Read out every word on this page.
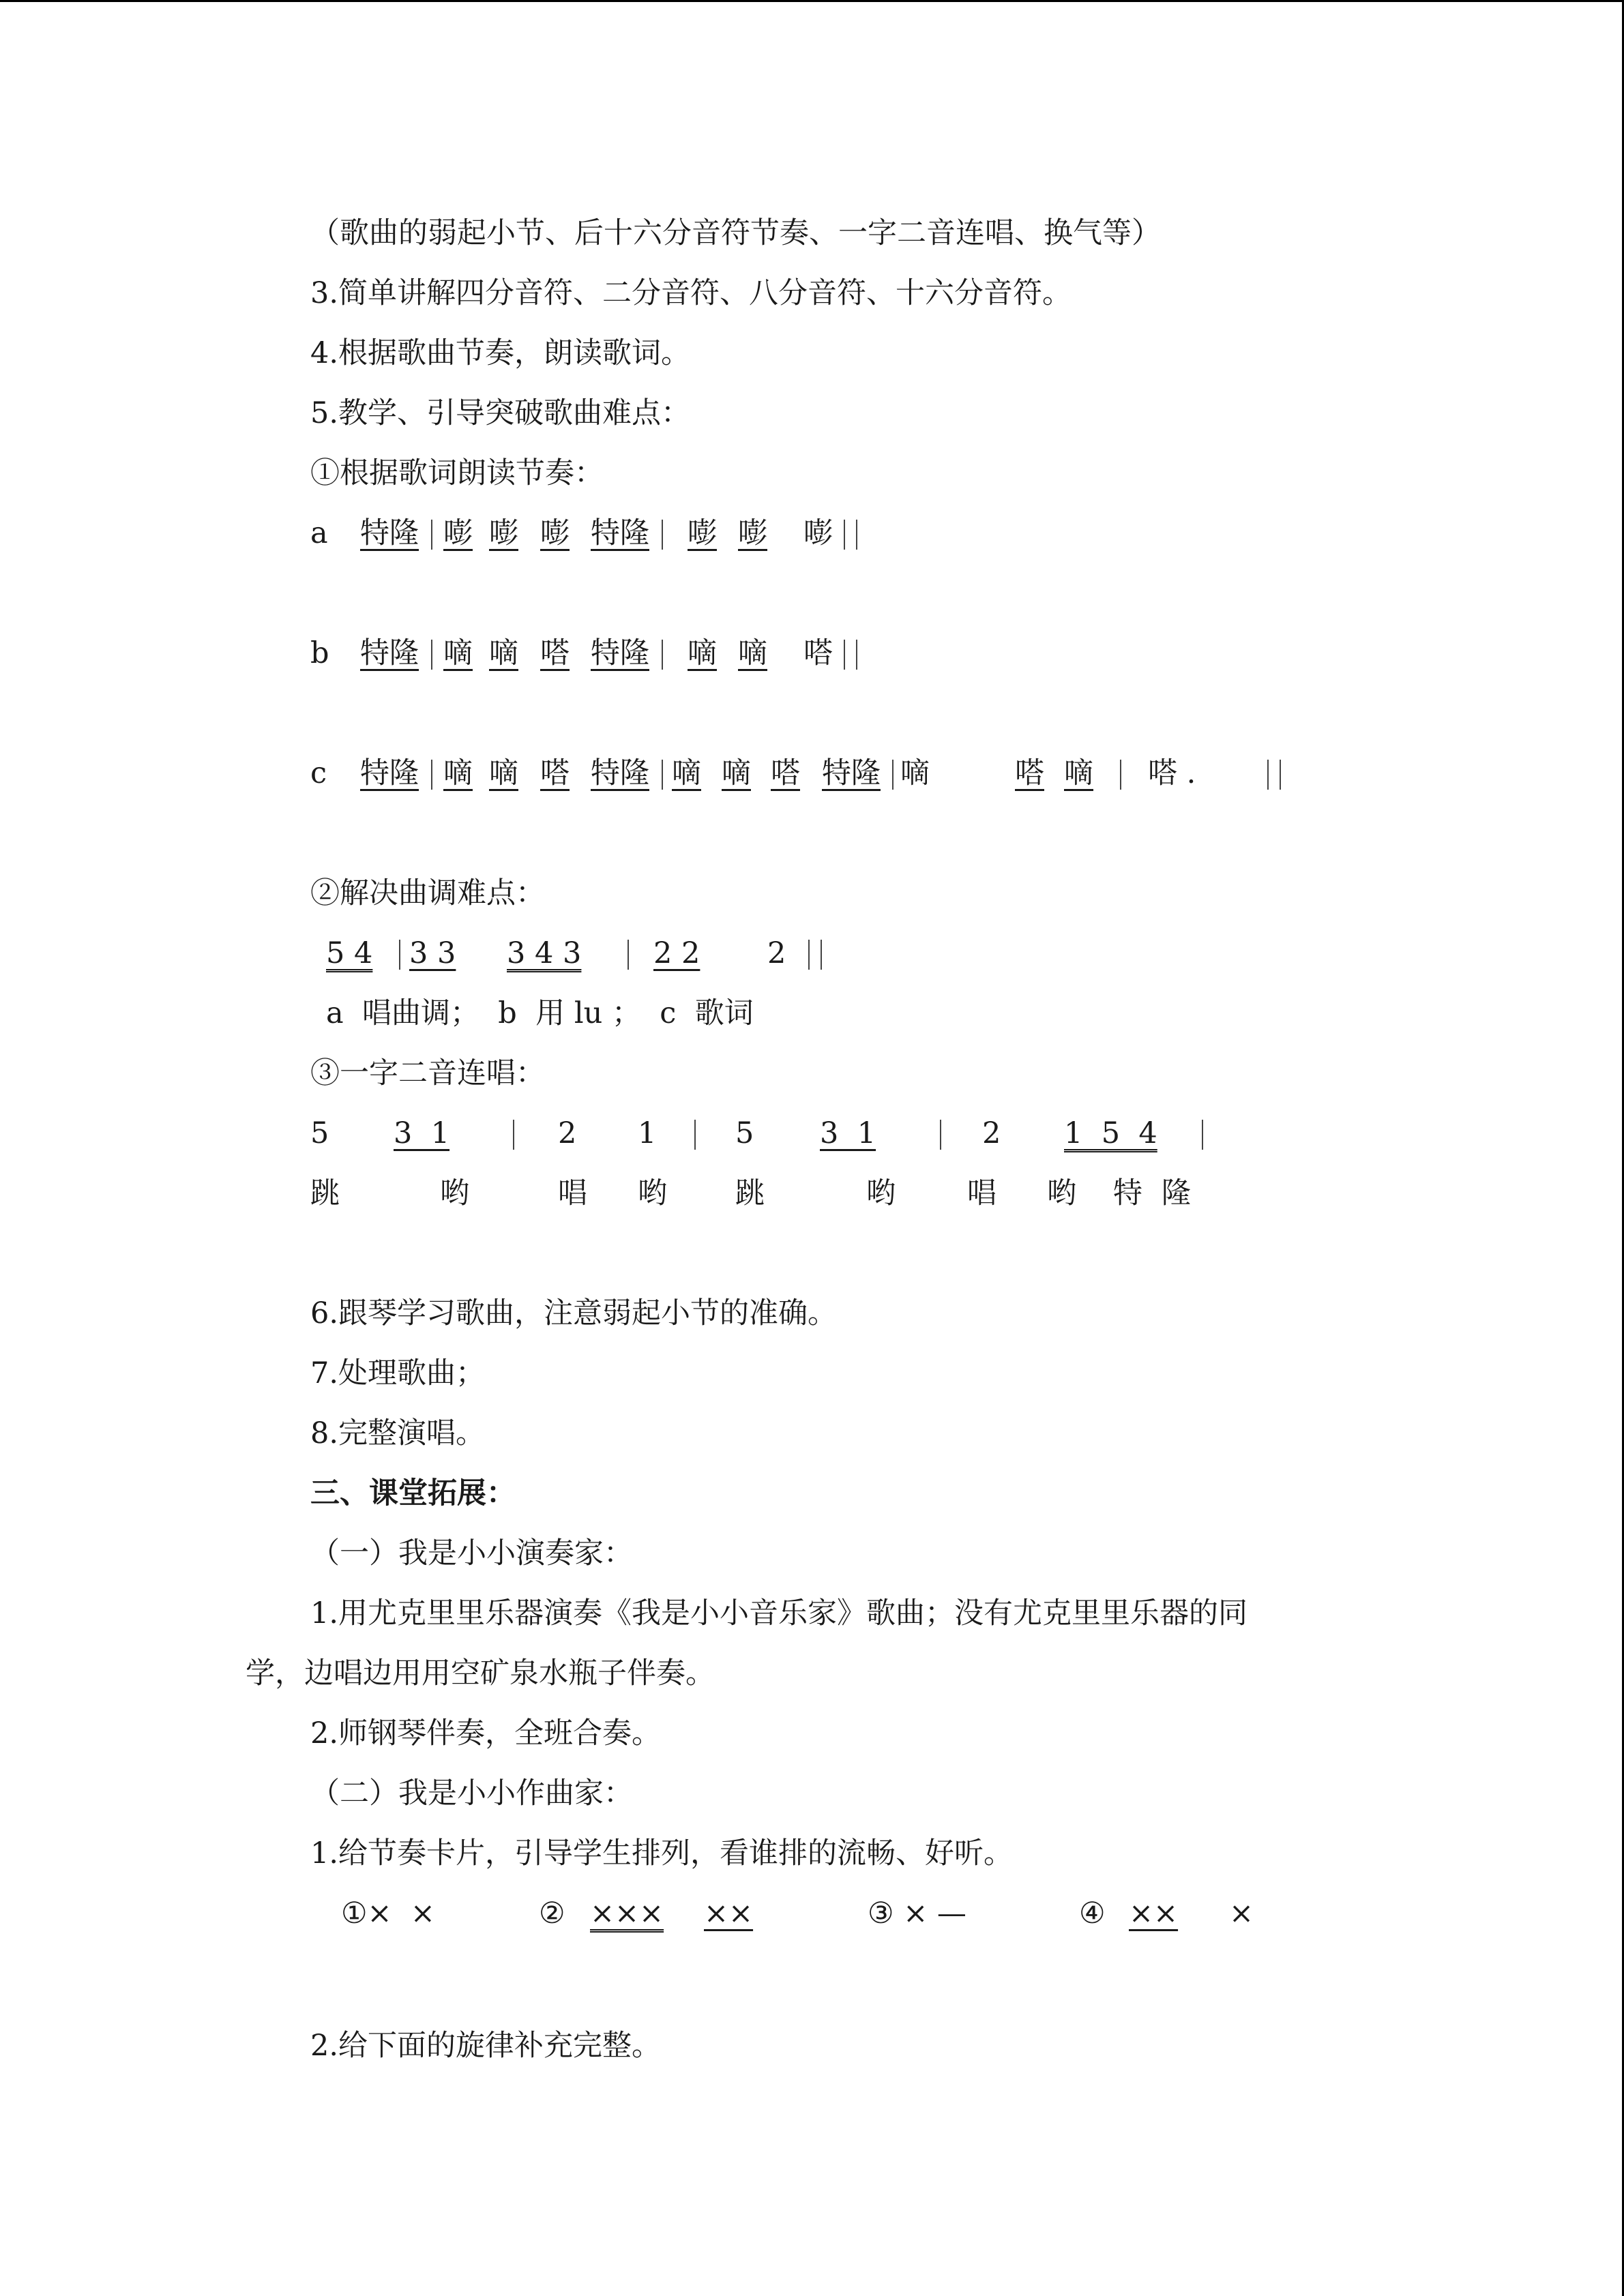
（歌曲的弱起小节、后十六分音符节奏、一字二音连唱、换气等）
3.简单讲解四分音符、二分音符、八分音符、十六分音符。
4.根据歌曲节奏，朗读歌词。
5.教学、引导突破歌曲难点：
①根据歌词朗读节奏：
a 特隆 嘭 嘭 嘭 特隆 嘭 嘭 嘭
b 特隆 嘀 嘀 嗒 特隆 嘀 嘀 嗒
c 特隆 嘀 嘀 嗒 特隆 嘀 嘀 嗒 特隆 嘀	嗒 嘀 嗒 .
②解决曲调难点：
5 4 3 3 3 4 3 2 2 2
a  唱曲调；  b  用 lu ；  c  歌词
③一字二音连唱：
5 3  1	2 1	5 3  1	2 1  5  4
跳	哟	唱 哟 跳	哟 唱 哟 特 隆
6.跟琴学习歌曲，注意弱起小节的准确。
7.处理歌曲；
8.完整演唱。
三、课堂拓展：
（一）我是小小演奏家：
1.用尤克里里乐器演奏《我是小小音乐家》歌曲；没有尤克里里乐器的同
学，边唱边用用空矿泉水瓶子伴奏。
2.师钢琴伴奏，全班合奏。
（二）我是小小作曲家：
1.给节奏卡片，引导学生排列，看谁排的流畅、好听。
①×  ×	② ××× ××	③ × —	④ ×× ×
2.给下面的旋律补充完整。
